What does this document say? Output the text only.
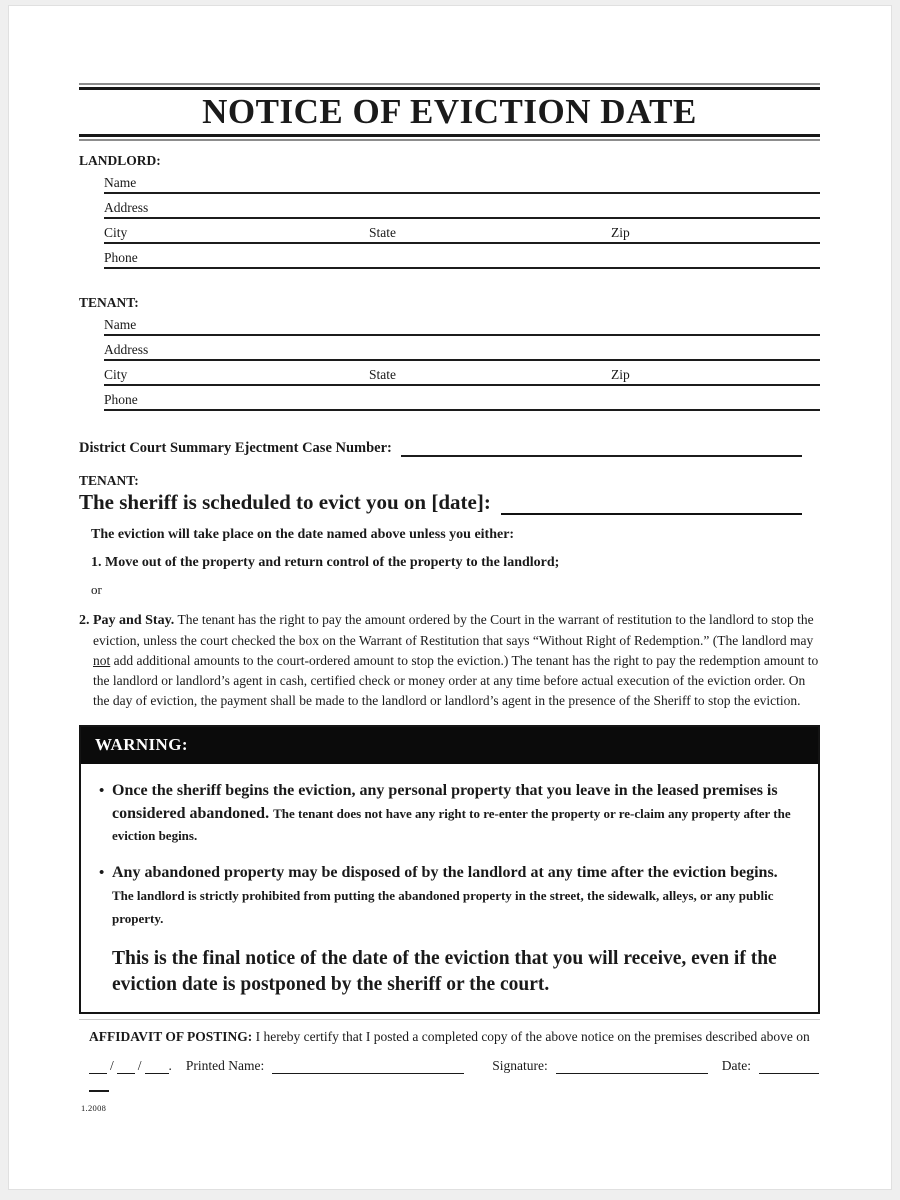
NOTICE OF EVICTION DATE
LANDLORD:
Name
Address
City	State	Zip
Phone
TENANT:
Name
Address
City	State	Zip
Phone
District Court Summary Ejectment Case Number:
TENANT:
The sheriff is scheduled to evict you on [date]:
The eviction will take place on the date named above unless you either:
1. Move out of the property and return control of the property to the landlord;
or

2. Pay and Stay. The tenant has the right to pay the amount ordered by the Court in the warrant of restitution to the landlord to stop the eviction, unless the court checked the box on the Warrant of Restitution that says “Without Right of Redemption.” (The landlord may not add additional amounts to the court-ordered amount to stop the eviction.) The tenant has the right to pay the redemption amount to the landlord or landlord’s agent in cash, certified check or money order at any time before actual execution of the eviction order. On the day of eviction, the payment shall be made to the landlord or landlord’s agent in the presence of the Sheriff to stop the eviction.

WARNING:
• Once the sheriff begins the eviction, any personal property that you leave in the leased premises is considered abandoned. The tenant does not have any right to re-enter the property or re-claim any property after the eviction begins.
• Any abandoned property may be disposed of by the landlord at any time after the eviction begins. The landlord is strictly prohibited from putting the abandoned property in the street, the sidewalk, alleys, or any public property.
This is the final notice of the date of the eviction that you will receive, even if the eviction date is postponed by the sheriff or the court.
AFFIDAVIT OF POSTING: I hereby certify that I posted a completed copy of the above notice on the premises described above on
/ / . Printed Name:	Signature:	Date:
1.2008
